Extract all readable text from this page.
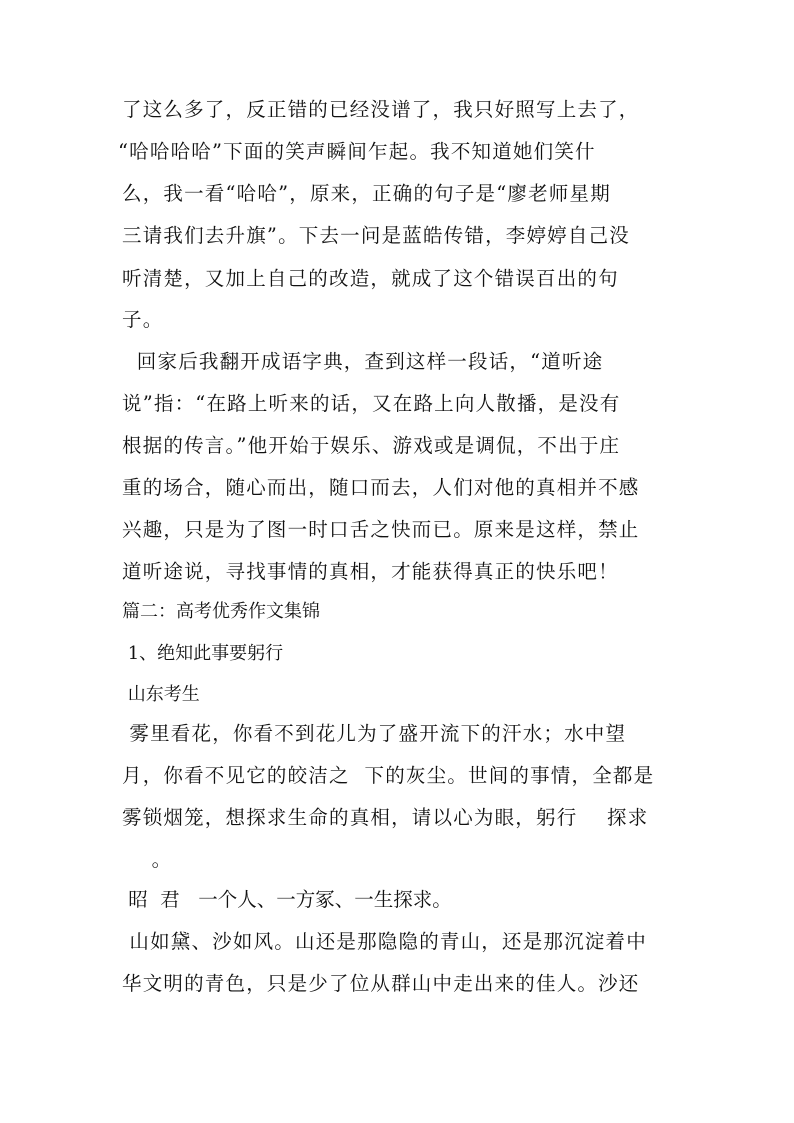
了这么多了，反正错的已经没谱了，我只好照写上去了，
“哈哈哈哈”下面的笑声瞬间乍起。我不知道她们笑什
么，我一看“哈哈”，原来，正确的句子是“廖老师星期
三请我们去升旗”。下去一问是蓝皓传错，李婷婷自己没
听清楚，又加上自己的改造，就成了这个错误百出的句
子。
回家后我翻开成语字典，查到这样一段话，“道听途
说”指：“在路上听来的话，又在路上向人散播，是没有
根据的传言。”他开始于娱乐、游戏或是调侃，不出于庄
重的场合，随心而出，随口而去，人们对他的真相并不感
兴趣，只是为了图一时口舌之快而已。原来是这样，禁止
道听途说，寻找事情的真相，才能获得真正的快乐吧！
篇二：高考优秀作文集锦
1、绝知此事要躬行
山东考生
雾里看花，你看不到花儿为了盛开流下的汗水；水中望
月，你看不见它的皎洁之  下的灰尘。世间的事情，全都是
雾锁烟笼，想探求生命的真相，请以心为眼，躬行    探求
。
昭  君   一个人、一方冢、一生探求。
山如黛、沙如风。山还是那隐隐的青山，还是那沉淀着中
华文明的青色，只是少了位从群山中走出来的佳人。沙还
